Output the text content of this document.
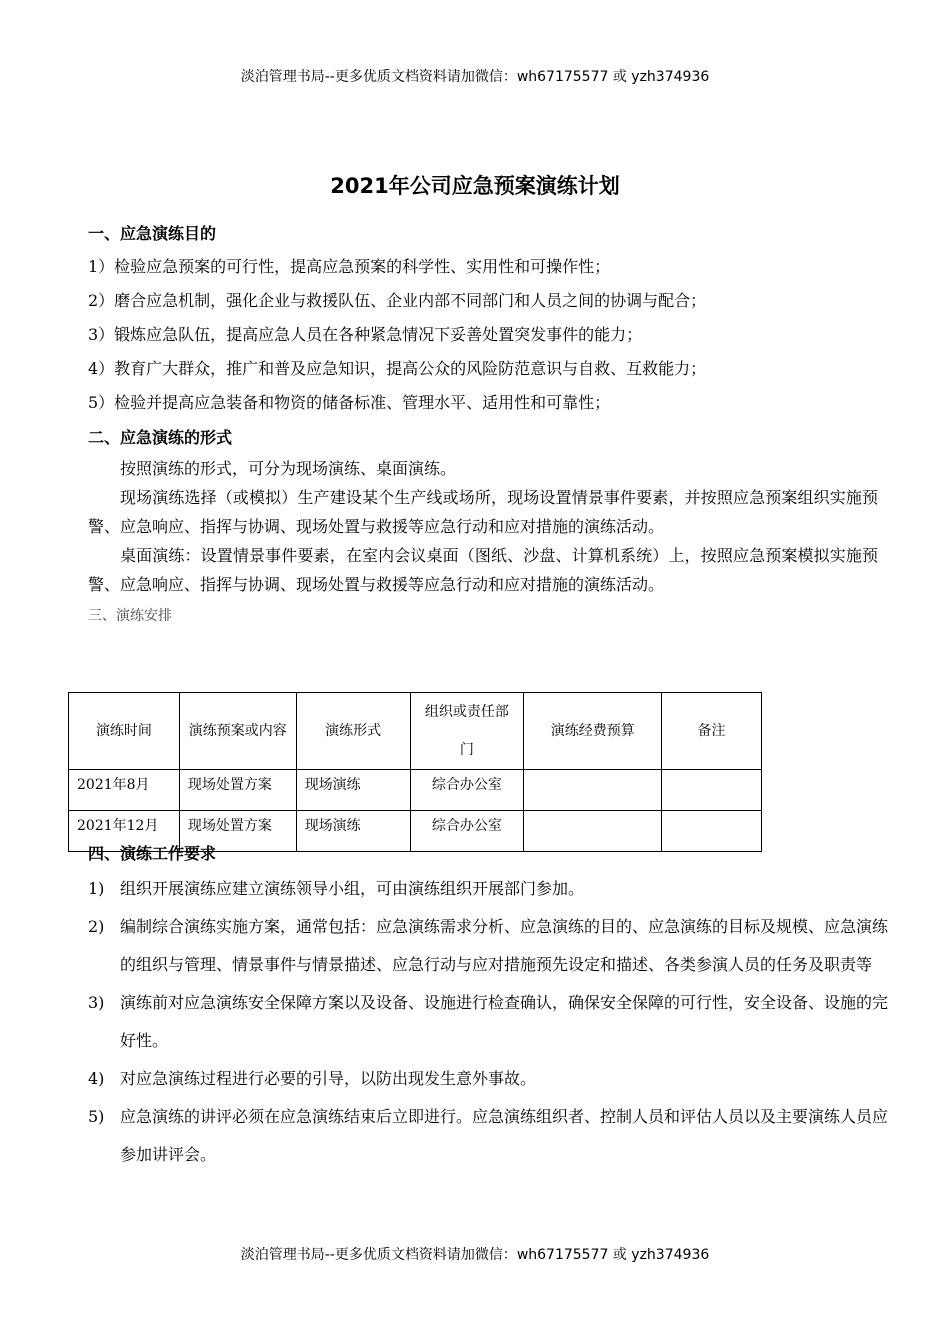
淡泊管理书局--更多优质文档资料请加微信：wh67175577 或 yzh374936
2021年公司应急预案演练计划
一、应急演练目的
1）检验应急预案的可行性，提高应急预案的科学性、实用性和可操作性；
2）磨合应急机制，强化企业与救援队伍、企业内部不同部门和人员之间的协调与配合；
3）锻炼应急队伍，提高应急人员在各种紧急情况下妥善处置突发事件的能力；
4）教育广大群众，推广和普及应急知识，提高公众的风险防范意识与自救、互救能力；
5）检验并提高应急装备和物资的储备标准、管理水平、适用性和可靠性；
二、应急演练的形式
按照演练的形式，可分为现场演练、桌面演练。
现场演练选择（或模拟）生产建设某个生产线或场所，现场设置情景事件要素，并按照应急预案组织实施预警、应急响应、指挥与协调、现场处置与救援等应急行动和应对措施的演练活动。
桌面演练：设置情景事件要素，在室内会议桌面（图纸、沙盘、计算机系统）上，按照应急预案模拟实施预警、应急响应、指挥与协调、现场处置与救援等应急行动和应对措施的演练活动。
三、演练安排
演练时间	演练预案或内容	演练形式	组织或责任部门	演练经费预算	备注
2021年8月	现场处置方案	现场演练	综合办公室		
2021年12月	现场处置方案	现场演练	综合办公室		
四、演练工作要求
1) 组织开展演练应建立演练领导小组，可由演练组织开展部门参加。
2) 编制综合演练实施方案，通常包括：应急演练需求分析、应急演练的目的、应急演练的目标及规模、应急演练的组织与管理、情景事件与情景描述、应急行动与应对措施预先设定和描述、各类参演人员的任务及职责等
3) 演练前对应急演练安全保障方案以及设备、设施进行检查确认，确保安全保障的可行性，安全设备、设施的完好性。
4) 对应急演练过程进行必要的引导，以防出现发生意外事故。
5) 应急演练的讲评必须在应急演练结束后立即进行。应急演练组织者、控制人员和评估人员以及主要演练人员应参加讲评会。
淡泊管理书局--更多优质文档资料请加微信：wh67175577 或 yzh374936
